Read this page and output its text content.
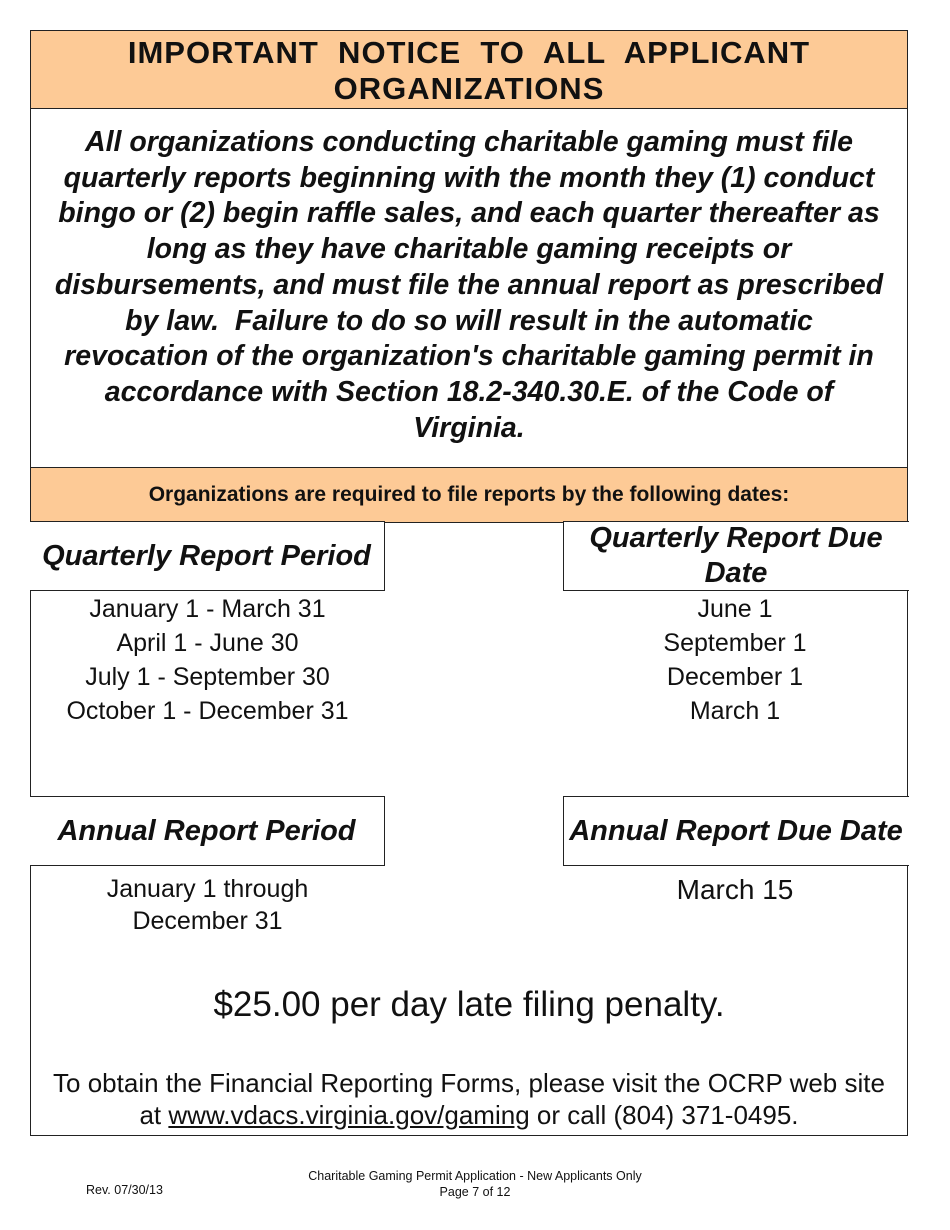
IMPORTANT  NOTICE  TO  ALL  APPLICANT
ORGANIZATIONS

All organizations conducting charitable gaming must file
quarterly reports beginning with the month they (1) conduct
bingo or (2) begin raffle sales, and each quarter thereafter as
long as they have charitable gaming receipts or
disbursements, and must file the annual report as prescribed
by law.  Failure to do so will result in the automatic
revocation of the organization's charitable gaming permit in
accordance with Section 18.2-340.30.E. of the Code of
Virginia.

Organizations are required to file reports by the following dates:

Quarterly Report Period
Quarterly Report Due Date
January 1 - March 31
April 1 - June 30
July 1 - September 30
October 1 - December 31
June 1
September 1
December 1
March 1
Annual Report Period	Annual Report Due Date
January 1 through
December 31
March 15

$25.00 per day late filing penalty.

To obtain the Financial Reporting Forms, please visit the OCRP web site
at www.vdacs.virginia.gov/gaming or call (804) 371-0495.

Rev. 07/30/13
Charitable Gaming Permit Application - New Applicants Only
Page 7 of 12
